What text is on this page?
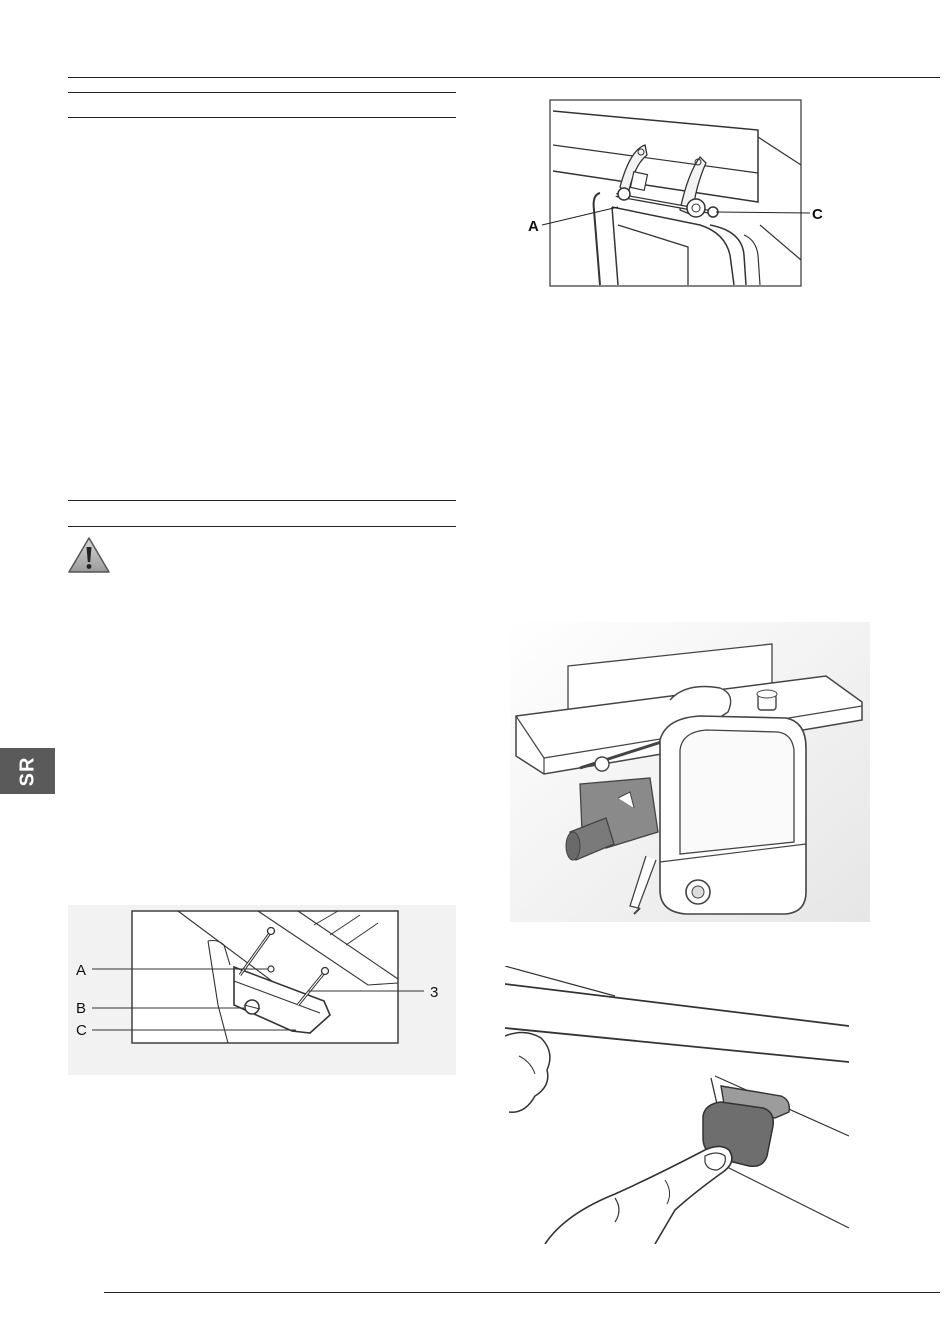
SR
A
C
A
B
C
3
